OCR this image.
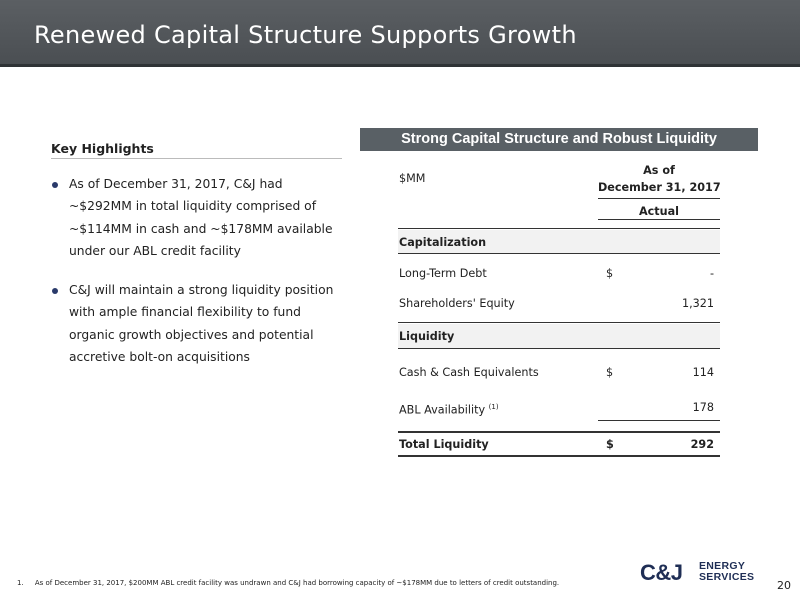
Renewed Capital Structure Supports Growth
Key Highlights
As of December 31, 2017, C&J had ~$292MM in total liquidity comprised of ~$114MM in cash and ~$178MM available under our ABL credit facility
C&J will maintain a strong liquidity position with ample financial flexibility to fund organic growth objectives and potential accretive bolt-on acquisitions
Strong Capital Structure and Robust Liquidity
$MM
As of
December 31, 2017
Actual
Capitalization
Long-Term Debt	$	-
Shareholders' Equity	1,321
Liquidity
Cash & Cash Equivalents	$	114
ABL Availability $^{(1)}$	178
Total Liquidity	$	292
1. As of December 31, 2017, $200MM ABL credit facility was undrawn and C&J had borrowing capacity of ~$178MM due to letters of credit outstanding.	C&J ENERGY
SERVICES
20
